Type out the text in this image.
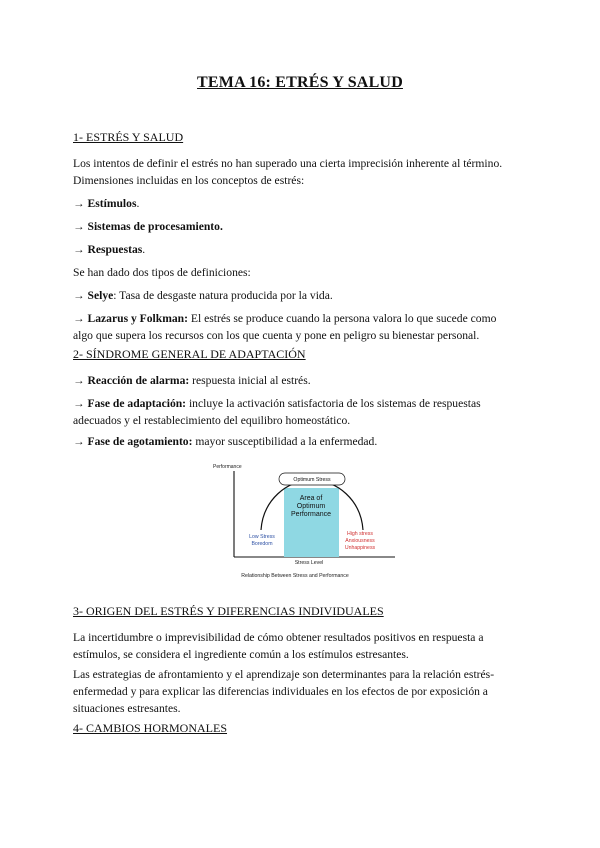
TEMA 16: ETRÉS Y SALUD
1- ESTRÉS Y SALUD
Los intentos de definir el estrés no han superado una cierta imprecisión inherente al término.
Dimensiones incluidas en los conceptos de estrés:
→ Estímulos.
→ Sistemas de procesamiento.
→ Respuestas.
Se han dado dos tipos de definiciones:
→ Selye: Tasa de desgaste natura producida por la vida.
→ Lazarus y Folkman: El estrés se produce cuando la persona valora lo que sucede como
algo que supera los recursos con los que cuenta y pone en peligro su bienestar personal.
2- SÍNDROME GENERAL DE ADAPTACIÓN
→ Reacción de alarma: respuesta inicial al estrés.
→ Fase de adaptación: incluye la activación satisfactoria de los sistemas de respuestas
adecuados y el restablecimiento del equilibro homeostático.
→ Fase de agotamiento: mayor susceptibilidad a la enfermedad.
Performance
Optimum Stress
Area of
Optimum
Performance
Low Stress
Boredom
High stress
Anxiousness
Unhappiness
Stress Level
Relationship Between Stress and Performance
3- ORIGEN DEL ESTRÉS Y DIFERENCIAS INDIVIDUALES
La incertidumbre o imprevisibilidad de cómo obtener resultados positivos en respuesta a
estímulos, se considera el ingrediente común a los estímulos estresantes.
Las estrategias de afrontamiento y el aprendizaje son determinantes para la relación estrés-
enfermedad y para explicar las diferencias individuales en los efectos de por exposición a
situaciones estresantes.
4- CAMBIOS HORMONALES
